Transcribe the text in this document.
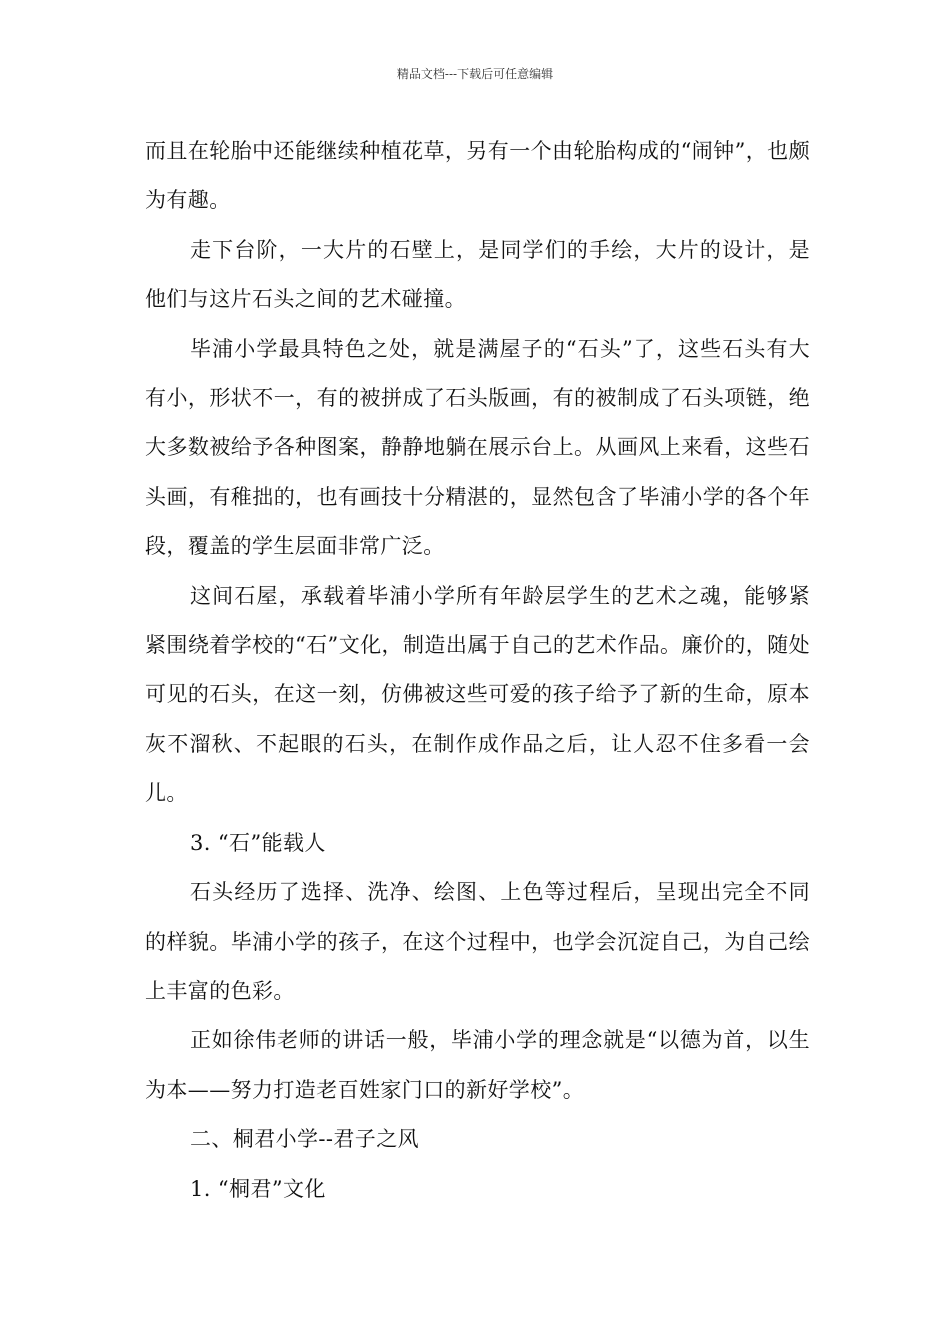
精品文档---下载后可任意编辑

而且在轮胎中还能继续种植花草，另有一个由轮胎构成的“闹钟”，也颇为有趣。

走下台阶，一大片的石壁上，是同学们的手绘，大片的设计，是他们与这片石头之间的艺术碰撞。

毕浦小学最具特色之处，就是满屋子的“石头”了，这些石头有大有小，形状不一，有的被拼成了石头版画，有的被制成了石头项链，绝大多数被给予各种图案，静静地躺在展示台上。从画风上来看，这些石头画，有稚拙的，也有画技十分精湛的，显然包含了毕浦小学的各个年段，覆盖的学生层面非常广泛。

这间石屋，承载着毕浦小学所有年龄层学生的艺术之魂，能够紧紧围绕着学校的“石”文化，制造出属于自己的艺术作品。廉价的，随处可见的石头，在这一刻，仿佛被这些可爱的孩子给予了新的生命，原本灰不溜秋、不起眼的石头，在制作成作品之后，让人忍不住多看一会儿。

3. “石”能载人

石头经历了选择、洗净、绘图、上色等过程后，呈现出完全不同的样貌。毕浦小学的孩子，在这个过程中，也学会沉淀自己，为自己绘上丰富的色彩。

正如徐伟老师的讲话一般，毕浦小学的理念就是“以德为首，以生为本——努力打造老百姓家门口的新好学校”。

二、桐君小学--君子之风

1. “桐君”文化
